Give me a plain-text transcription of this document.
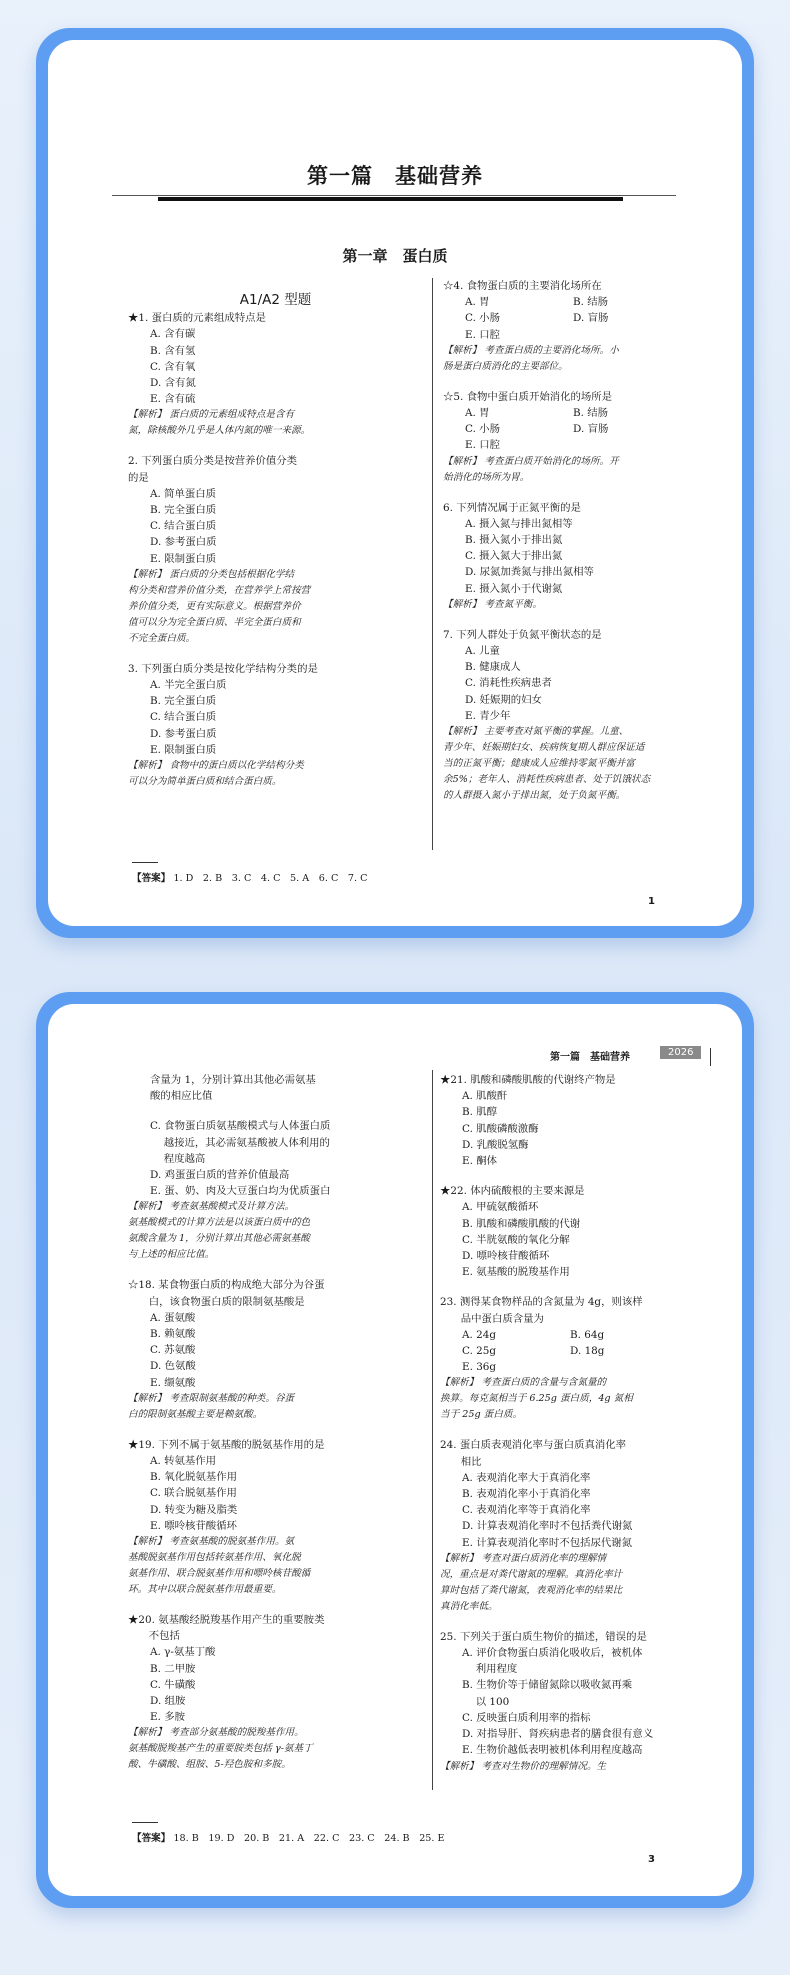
第一篇　基础营养
第一章　蛋白质
A1/A2 型题
★1. 蛋白质的元素组成特点是
A. 含有碳
B. 含有氢
C. 含有氧
D. 含有氮
E. 含有硫
【解析】 蛋白质的元素组成特点是含有
氮，除核酸外几乎是人体内氮的唯一来源。
2. 下列蛋白质分类是按营养价值分类
的是
A. 简单蛋白质
B. 完全蛋白质
C. 结合蛋白质
D. 参考蛋白质
E. 限制蛋白质
【解析】 蛋白质的分类包括根据化学结
构分类和营养价值分类，在营养学上常按营
养价值分类，更有实际意义。根据营养价
值可以分为完全蛋白质、半完全蛋白质和
不完全蛋白质。
3. 下列蛋白质分类是按化学结构分类的是
A. 半完全蛋白质
B. 完全蛋白质
C. 结合蛋白质
D. 参考蛋白质
E. 限制蛋白质
【解析】 食物中的蛋白质以化学结构分类
可以分为简单蛋白质和结合蛋白质。
☆4. 食物蛋白质的主要消化场所在
A. 胃	B. 结肠
C. 小肠	D. 盲肠
E. 口腔
【解析】 考查蛋白质的主要消化场所。小
肠是蛋白质消化的主要部位。
☆5. 食物中蛋白质开始消化的场所是
A. 胃	B. 结肠
C. 小肠	D. 盲肠
E. 口腔
【解析】 考查蛋白质开始消化的场所。开
始消化的场所为胃。
6. 下列情况属于正氮平衡的是
A. 摄入氮与排出氮相等
B. 摄入氮小于排出氮
C. 摄入氮大于排出氮
D. 尿氮加粪氮与排出氮相等
E. 摄入氮小于代谢氮
【解析】 考查氮平衡。
7. 下列人群处于负氮平衡状态的是
A. 儿童
B. 健康成人
C. 消耗性疾病患者
D. 妊娠期的妇女
E. 青少年
【解析】 主要考查对氮平衡的掌握。儿童、
青少年、妊娠期妇女、疾病恢复期人群应保证适
当的正氮平衡；健康成人应维持零氮平衡并富
余5%；老年人、消耗性疾病患者、处于饥饿状态
的人群摄入氮小于排出氮，处于负氮平衡。
【答案】 1. D　2. B　3. C　4. C　5. A　6. C　7. C
1
第一篇　基础营养	2026
含量为 1，分别计算出其他必需氨基
酸的相应比值
C. 食物蛋白质氨基酸模式与人体蛋白质
　 越接近，其必需氨基酸被人体利用的
　 程度越高
D. 鸡蛋蛋白质的营养价值最高
E. 蛋、奶、肉及大豆蛋白均为优质蛋白
【解析】 考查氨基酸模式及计算方法。
氨基酸模式的计算方法是以该蛋白质中的色
氨酸含量为 1，分别计算出其他必需氨基酸
与上述的相应比值。
☆18. 某食物蛋白质的构成绝大部分为谷蛋
　　白，该食物蛋白质的限制氨基酸是
A. 蛋氨酸
B. 赖氨酸
C. 苏氨酸
D. 色氨酸
E. 缬氨酸
【解析】 考查限制氨基酸的种类。谷蛋
白的限制氨基酸主要是赖氨酸。
★19. 下列不属于氨基酸的脱氨基作用的是
A. 转氨基作用
B. 氧化脱氨基作用
C. 联合脱氨基作用
D. 转变为糖及脂类
E. 嘌呤核苷酸循环
【解析】 考查氨基酸的脱氨基作用。氨
基酸脱氨基作用包括转氨基作用、氧化脱
氨基作用、联合脱氨基作用和嘌呤核苷酸循
环。其中以联合脱氨基作用最重要。
★20. 氨基酸经脱羧基作用产生的重要胺类
　　不包括
A. γ-氨基丁酸
B. 二甲胺
C. 牛磺酸
D. 组胺
E. 多胺
【解析】 考查部分氨基酸的脱羧基作用。
氨基酸脱羧基产生的重要胺类包括 γ-氨基丁
酸、牛磺酸、组胺、5-羟色胺和多胺。
★21. 肌酸和磷酸肌酸的代谢终产物是
A. 肌酸酐
B. 肌醇
C. 肌酸磷酸激酶
D. 乳酸脱氢酶
E. 酮体
★22. 体内硫酸根的主要来源是
A. 甲硫氨酸循环
B. 肌酸和磷酸肌酸的代谢
C. 半胱氨酸的氧化分解
D. 嘌呤核苷酸循环
E. 氨基酸的脱羧基作用
23. 测得某食物样品的含氮量为 4g，则该样
　　品中蛋白质含量为
A. 24g	B. 64g
C. 25g	D. 18g
E. 36g
【解析】 考查蛋白质的含量与含氮量的
换算。每克氮相当于 6.25g 蛋白质，4g 氮相
当于 25g 蛋白质。
24. 蛋白质表观消化率与蛋白质真消化率
　　相比
A. 表观消化率大于真消化率
B. 表观消化率小于真消化率
C. 表观消化率等于真消化率
D. 计算表观消化率时不包括粪代谢氮
E. 计算表观消化率时不包括尿代谢氮
【解析】 考查对蛋白质消化率的理解情
况，重点是对粪代谢氮的理解。真消化率计
算时包括了粪代谢氮，表观消化率的结果比
真消化率低。
25. 下列关于蛋白质生物价的描述，错误的是
A. 评价食物蛋白质消化吸收后，被机体
　 利用程度
B. 生物价等于储留氮除以吸收氮再乘
　 以 100
C. 反映蛋白质利用率的指标
D. 对指导肝、肾疾病患者的膳食很有意义
E. 生物价越低表明被机体利用程度越高
【解析】 考查对生物价的理解情况。生
【答案】 18. B　19. D　20. B　21. A　22. C　23. C　24. B　25. E
3
